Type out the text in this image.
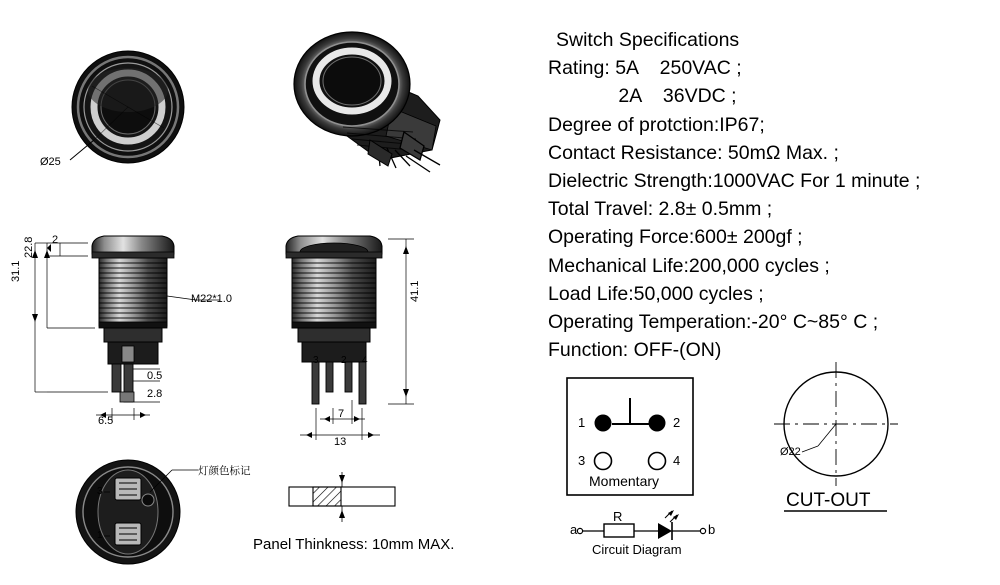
Switch Specifications
Rating: 5A    250VAC ;
2A    36VDC ;
Degree of protction:IP67;
Contact Resistance: 50mΩ Max. ;
Dielectric Strength:1000VAC For 1 minute ;
Total Travel: 2.8± 0.5mm ;
Operating Force:600± 200gf ;
Mechanical Life:200,000 cycles ;
Load Life:50,000 cycles ;
Operating Temperation:-20° C~85° C ;
Function: OFF-(ON)
Ø25
2
22.8
31.1
M22*1.0
0.5
2.8
6.5
41.1
3 2 4
7
13
灯颜色标记
3
1
Panel Thinkness: 10mm MAX.
1	2
3	4
Momentary
a	b
R
Circuit Diagram
Ø22
CUT-OUT
